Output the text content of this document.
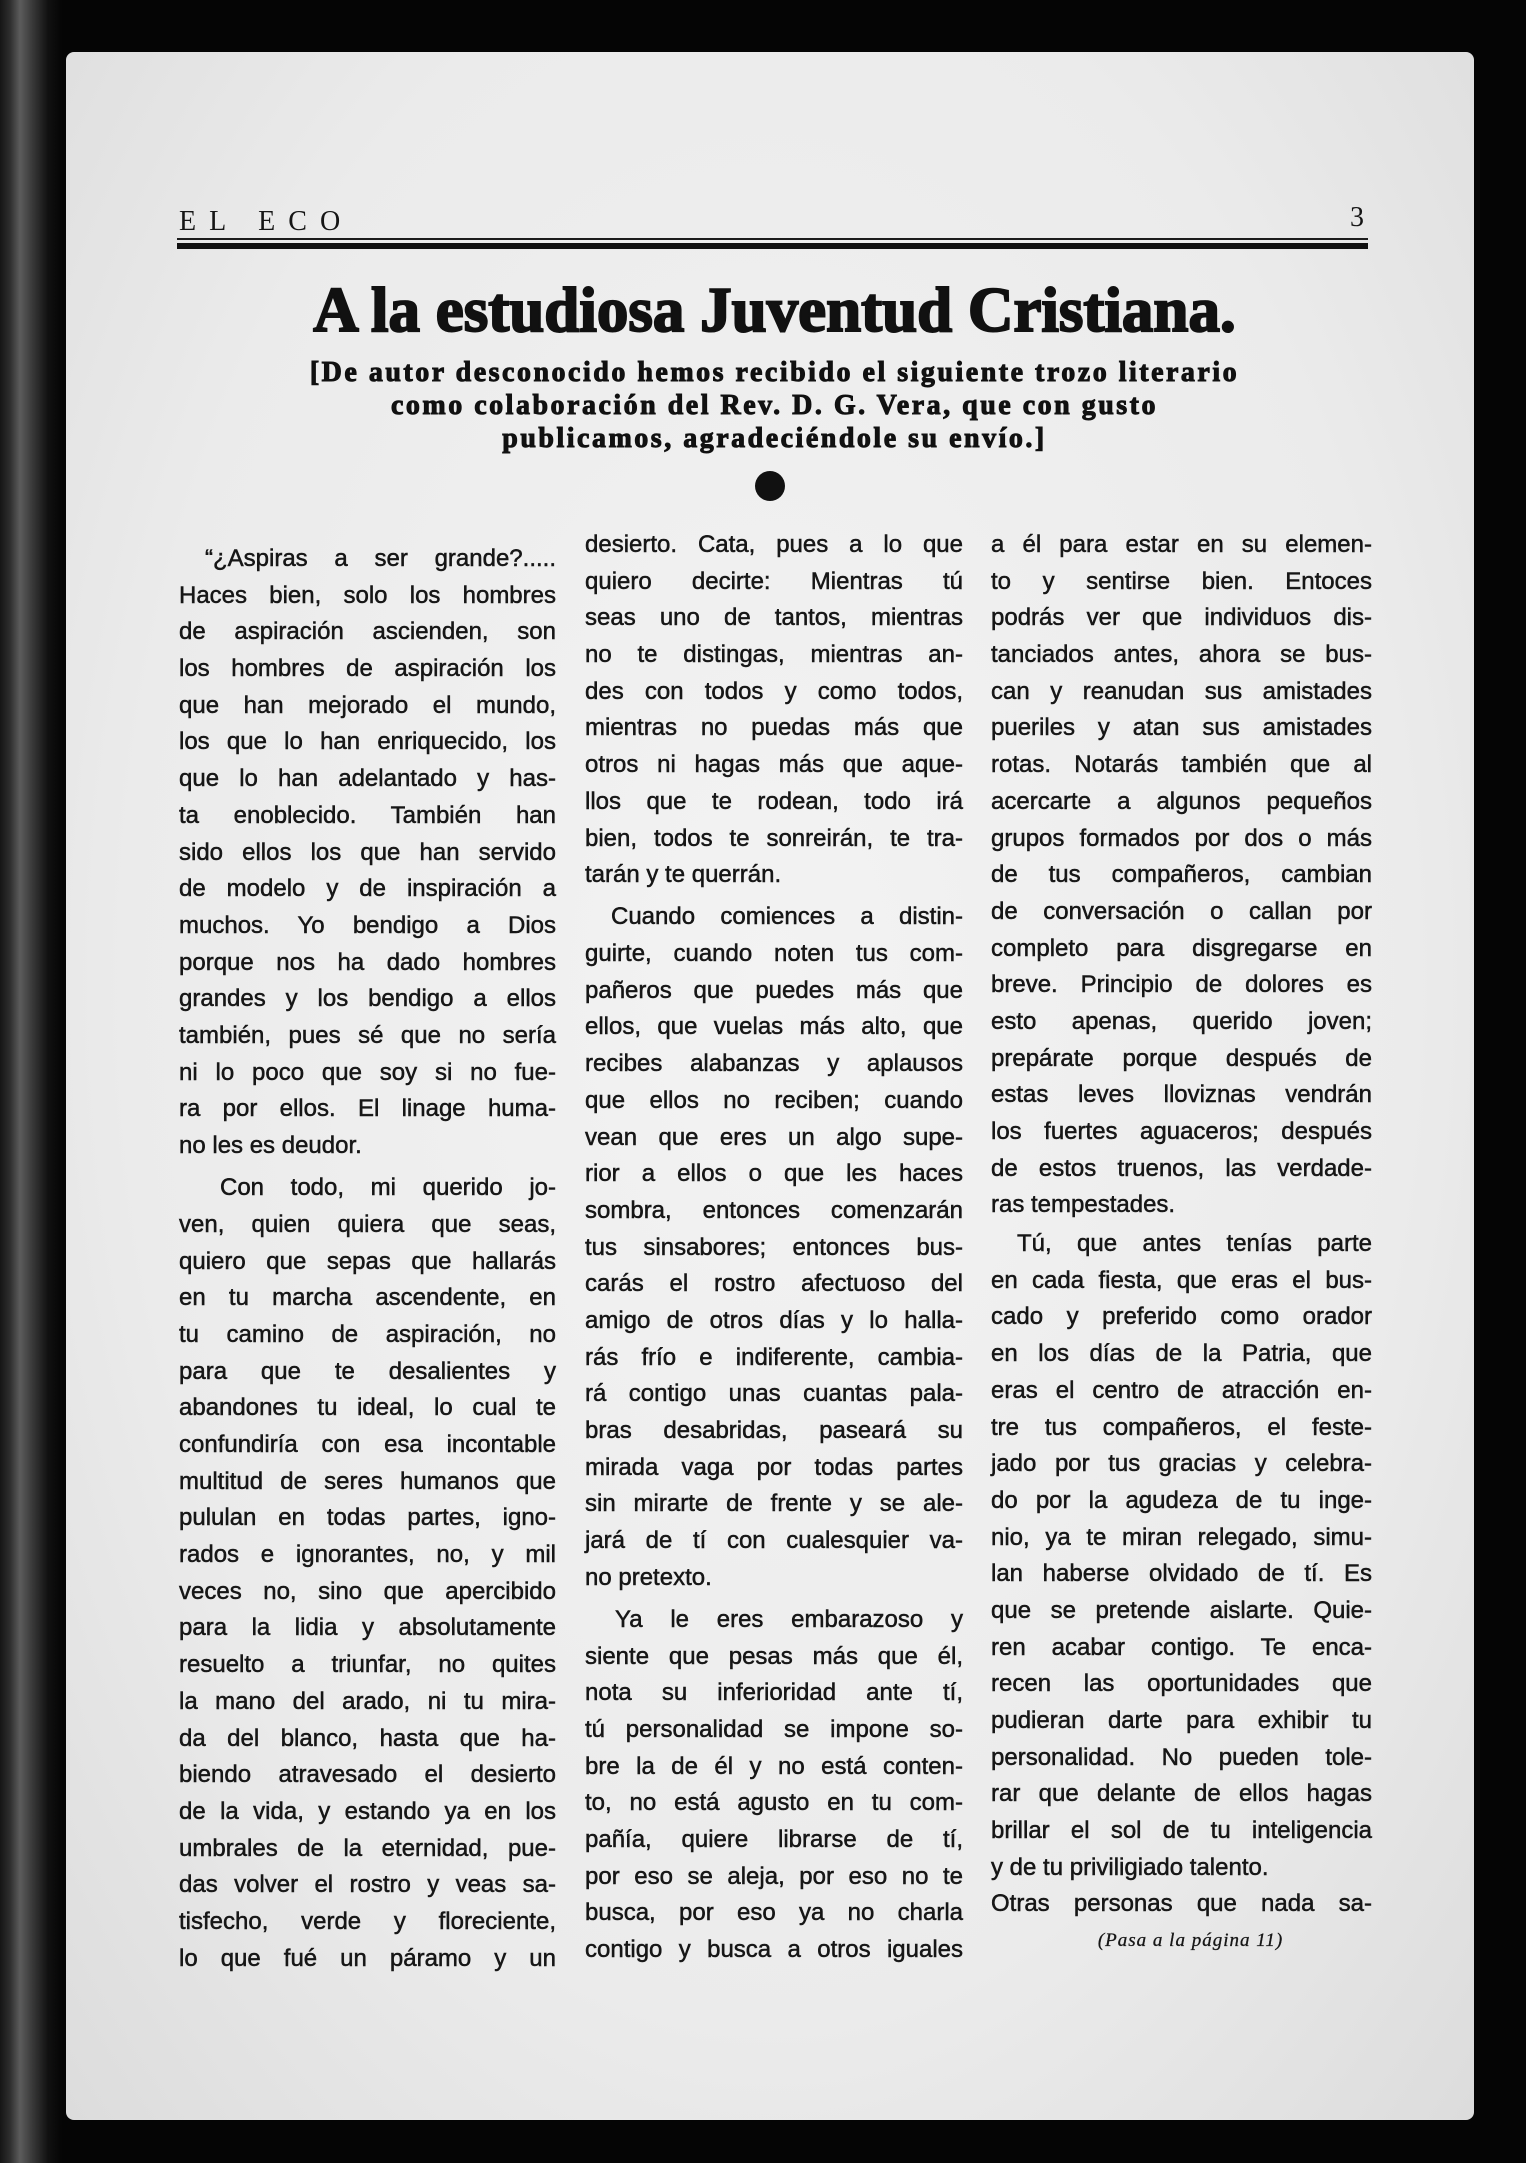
EL ECO	3
A la estudiosa Juventud Cristiana.
[De autor desconocido hemos recibido el siguiente trozo literario
como colaboración del Rev. D. G. Vera, que con gusto
publicamos, agradeciéndole su envío.]
“¿Aspiras a ser grande?.....
Haces bien, solo los hombres
de aspiración ascienden, son
los hombres de aspiración los
que han mejorado el mundo,
los que lo han enriquecido, los
que lo han adelantado y has-
ta enoblecido. También han
sido ellos los que han servido
de modelo y de inspiración a
muchos. Yo bendigo a Dios
porque nos ha dado hombres
grandes y los bendigo a ellos
también, pues sé que no sería
ni lo poco que soy si no fue-
ra por ellos. El linage huma-
no les es deudor.
Con todo, mi querido jo-
ven, quien quiera que seas,
quiero que sepas que hallarás
en tu marcha ascendente, en
tu camino de aspiración, no
para que te desalientes y
abandones tu ideal, lo cual te
confundiría con esa incontable
multitud de seres humanos que
pululan en todas partes, igno-
rados e ignorantes, no, y mil
veces no, sino que apercibido
para la lidia y absolutamente
resuelto a triunfar, no quites
la mano del arado, ni tu mira-
da del blanco, hasta que ha-
biendo atravesado el desierto
de la vida, y estando ya en los
umbrales de la eternidad, pue-
das volver el rostro y veas sa-
tisfecho, verde y floreciente,
lo que fué un páramo y un
desierto. Cata, pues a lo que
quiero decirte: Mientras tú
seas uno de tantos, mientras
no te distingas, mientras an-
des con todos y como todos,
mientras no puedas más que
otros ni hagas más que aque-
llos que te rodean, todo irá
bien, todos te sonreirán, te tra-
tarán y te querrán.
Cuando comiences a distin-
guirte, cuando noten tus com-
pañeros que puedes más que
ellos, que vuelas más alto, que
recibes alabanzas y aplausos
que ellos no reciben; cuando
vean que eres un algo supe-
rior a ellos o que les haces
sombra, entonces comenzarán
tus sinsabores; entonces bus-
carás el rostro afectuoso del
amigo de otros días y lo halla-
rás frío e indiferente, cambia-
rá contigo unas cuantas pala-
bras desabridas, paseará su
mirada vaga por todas partes
sin mirarte de frente y se ale-
jará de tí con cualesquier va-
no pretexto.
Ya le eres embarazoso y
siente que pesas más que él,
nota su inferioridad ante tí,
tú personalidad se impone so-
bre la de él y no está conten-
to, no está agusto en tu com-
pañía, quiere librarse de tí,
por eso se aleja, por eso no te
busca, por eso ya no charla
contigo y busca a otros iguales
a él para estar en su elemen-
to y sentirse bien. Entoces
podrás ver que individuos dis-
tanciados antes, ahora se bus-
can y reanudan sus amistades
pueriles y atan sus amistades
rotas. Notarás también que al
acercarte a algunos pequeños
grupos formados por dos o más
de tus compañeros, cambian
de conversación o callan por
completo para disgregarse en
breve. Principio de dolores es
esto apenas, querido joven;
prepárate porque después de
estas leves lloviznas vendrán
los fuertes aguaceros; después
de estos truenos, las verdade-
ras tempestades.
Tú, que antes tenías parte
en cada fiesta, que eras el bus-
cado y preferido como orador
en los días de la Patria, que
eras el centro de atracción en-
tre tus compañeros, el feste-
jado por tus gracias y celebra-
do por la agudeza de tu inge-
nio, ya te miran relegado, simu-
lan haberse olvidado de tí. Es
que se pretende aislarte. Quie-
ren acabar contigo. Te enca-
recen las oportunidades que
pudieran darte para exhibir tu
personalidad. No pueden tole-
rar que delante de ellos hagas
brillar el sol de tu inteligencia
y de tu priviligiado talento.
Otras personas que nada sa-
(Pasa a la página 11)
